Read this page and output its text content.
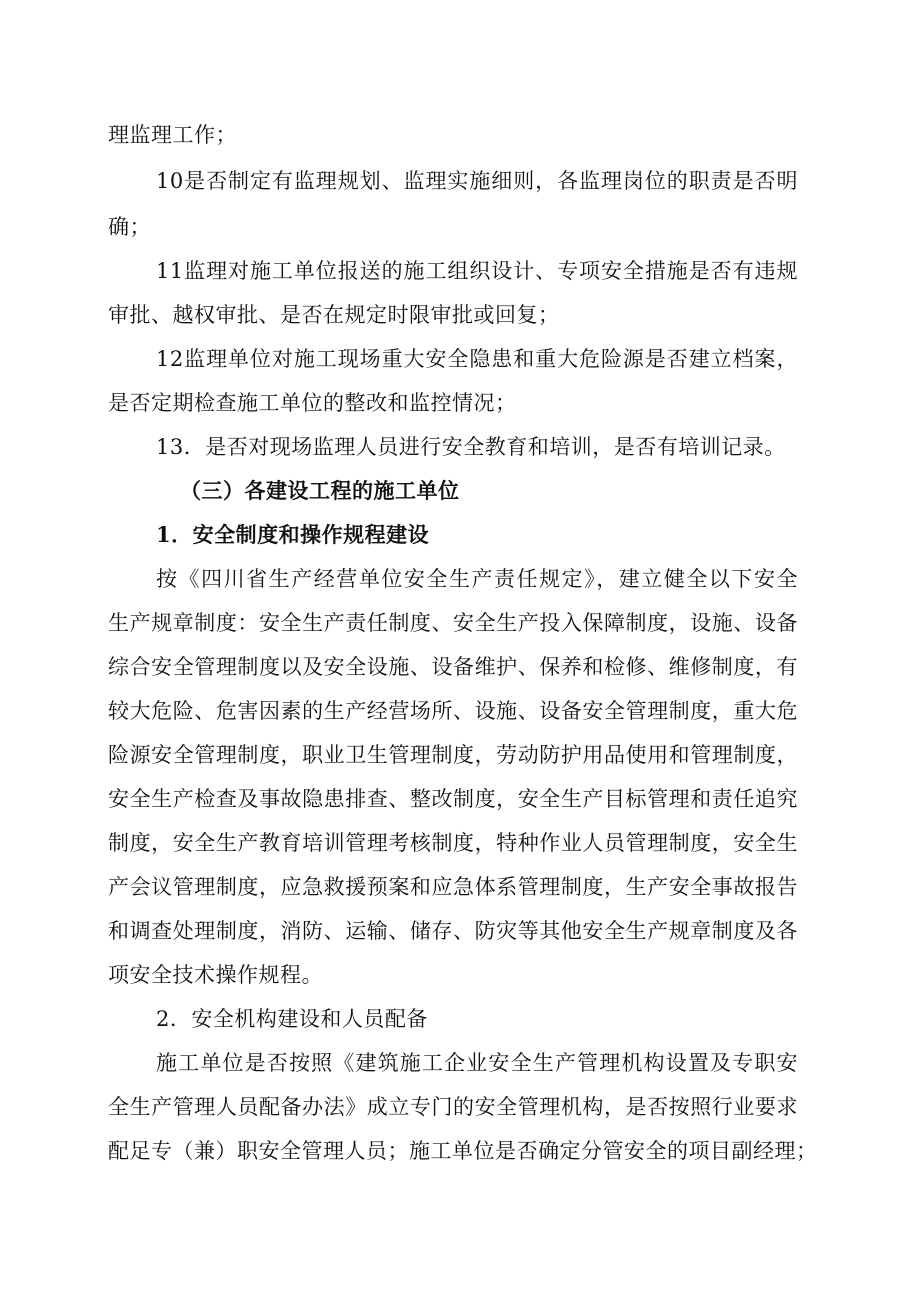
理监理工作；
10是否制定有监理规划、监理实施细则，各监理岗位的职责是否明
确；
11监理对施工单位报送的施工组织设计、专项安全措施是否有违规
审批、越权审批、是否在规定时限审批或回复；
12监理单位对施工现场重大安全隐患和重大危险源是否建立档案，
是否定期检查施工单位的整改和监控情况；
13．是否对现场监理人员进行安全教育和培训，是否有培训记录。
（三）各建设工程的施工单位
1．安全制度和操作规程建设
按《四川省生产经营单位安全生产责任规定》，建立健全以下安全
生产规章制度：安全生产责任制度、安全生产投入保障制度，设施、设备
综合安全管理制度以及安全设施、设备维护、保养和检修、维修制度，有
较大危险、危害因素的生产经营场所、设施、设备安全管理制度，重大危
险源安全管理制度，职业卫生管理制度，劳动防护用品使用和管理制度，
安全生产检查及事故隐患排查、整改制度，安全生产目标管理和责任追究
制度，安全生产教育培训管理考核制度，特种作业人员管理制度，安全生
产会议管理制度，应急救援预案和应急体系管理制度，生产安全事故报告
和调查处理制度，消防、运输、储存、防灾等其他安全生产规章制度及各
项安全技术操作规程。
2．安全机构建设和人员配备
施工单位是否按照《建筑施工企业安全生产管理机构设置及专职安
全生产管理人员配备办法》成立专门的安全管理机构，是否按照行业要求
配足专（兼）职安全管理人员；施工单位是否确定分管安全的项目副经理；
